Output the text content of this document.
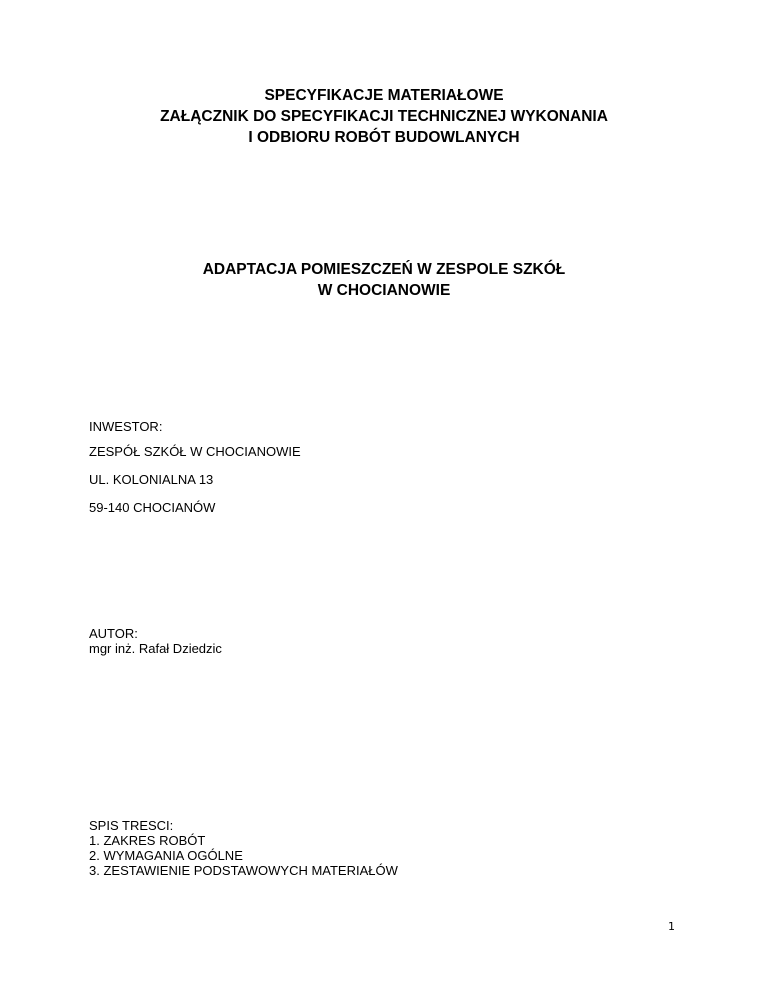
SPECYFIKACJE MATERIAŁOWE
ZAŁĄCZNIK DO SPECYFIKACJI TECHNICZNEJ WYKONANIA
I ODBIORU ROBÓT BUDOWLANYCH
ADAPTACJA POMIESZCZEŃ W ZESPOLE SZKÓŁ
W CHOCIANOWIE
INWESTOR:
ZESPÓŁ SZKÓŁ W CHOCIANOWIE
UL. KOLONIALNA 13
59-140 CHOCIANÓW
AUTOR:
mgr inż. Rafał Dziedzic
SPIS TRESCI:
1. ZAKRES ROBÓT
2. WYMAGANIA OGÓLNE
3. ZESTAWIENIE PODSTAWOWYCH MATERIAŁÓW
1
